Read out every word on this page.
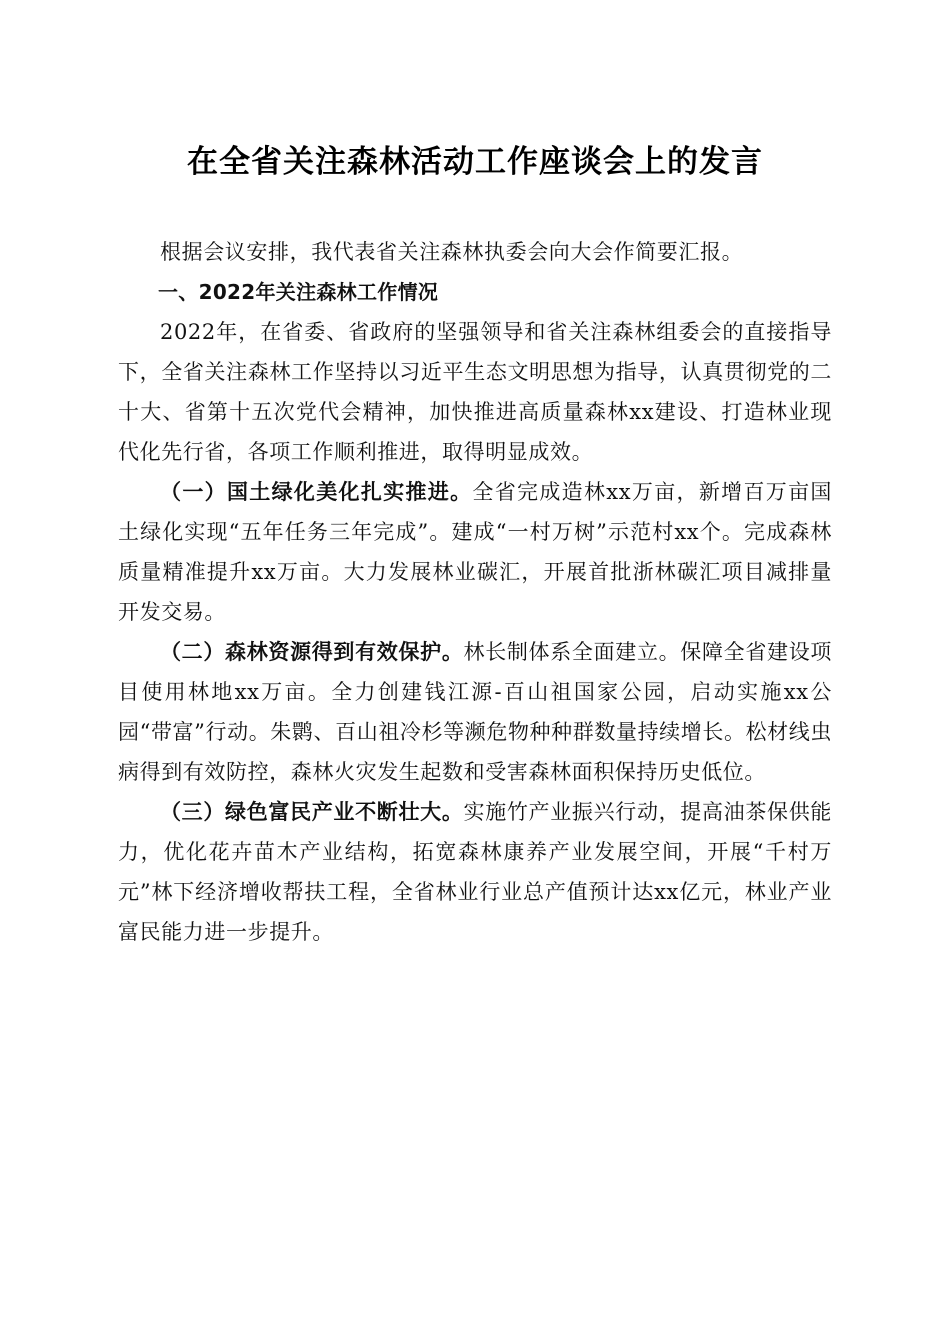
在全省关注森林活动工作座谈会上的发言

根据会议安排，我代表省关注森林执委会向大会作简要汇报。

一、2022年关注森林工作情况

2022年，在省委、省政府的坚强领导和省关注森林组委会的直接指导下，全省关注森林工作坚持以习近平生态文明思想为指导，认真贯彻党的二十大、省第十五次党代会精神，加快推进高质量森林xx建设、打造林业现代化先行省，各项工作顺利推进，取得明显成效。

（一）国土绿化美化扎实推进。全省完成造林xx万亩，新增百万亩国土绿化实现“五年任务三年完成”。建成“一村万树”示范村xx个。完成森林质量精准提升xx万亩。大力发展林业碳汇，开展首批浙林碳汇项目减排量开发交易。

（二）森林资源得到有效保护。林长制体系全面建立。保障全省建设项目使用林地xx万亩。全力创建钱江源-百山祖国家公园，启动实施xx公园“带富”行动。朱鹮、百山祖冷杉等濒危物种种群数量持续增长。松材线虫病得到有效防控，森林火灾发生起数和受害森林面积保持历史低位。

（三）绿色富民产业不断壮大。实施竹产业振兴行动，提高油茶保供能力，优化花卉苗木产业结构，拓宽森林康养产业发展空间，开展“千村万元”林下经济增收帮扶工程，全省林业行业总产值预计达xx亿元，林业产业富民能力进一步提升。
